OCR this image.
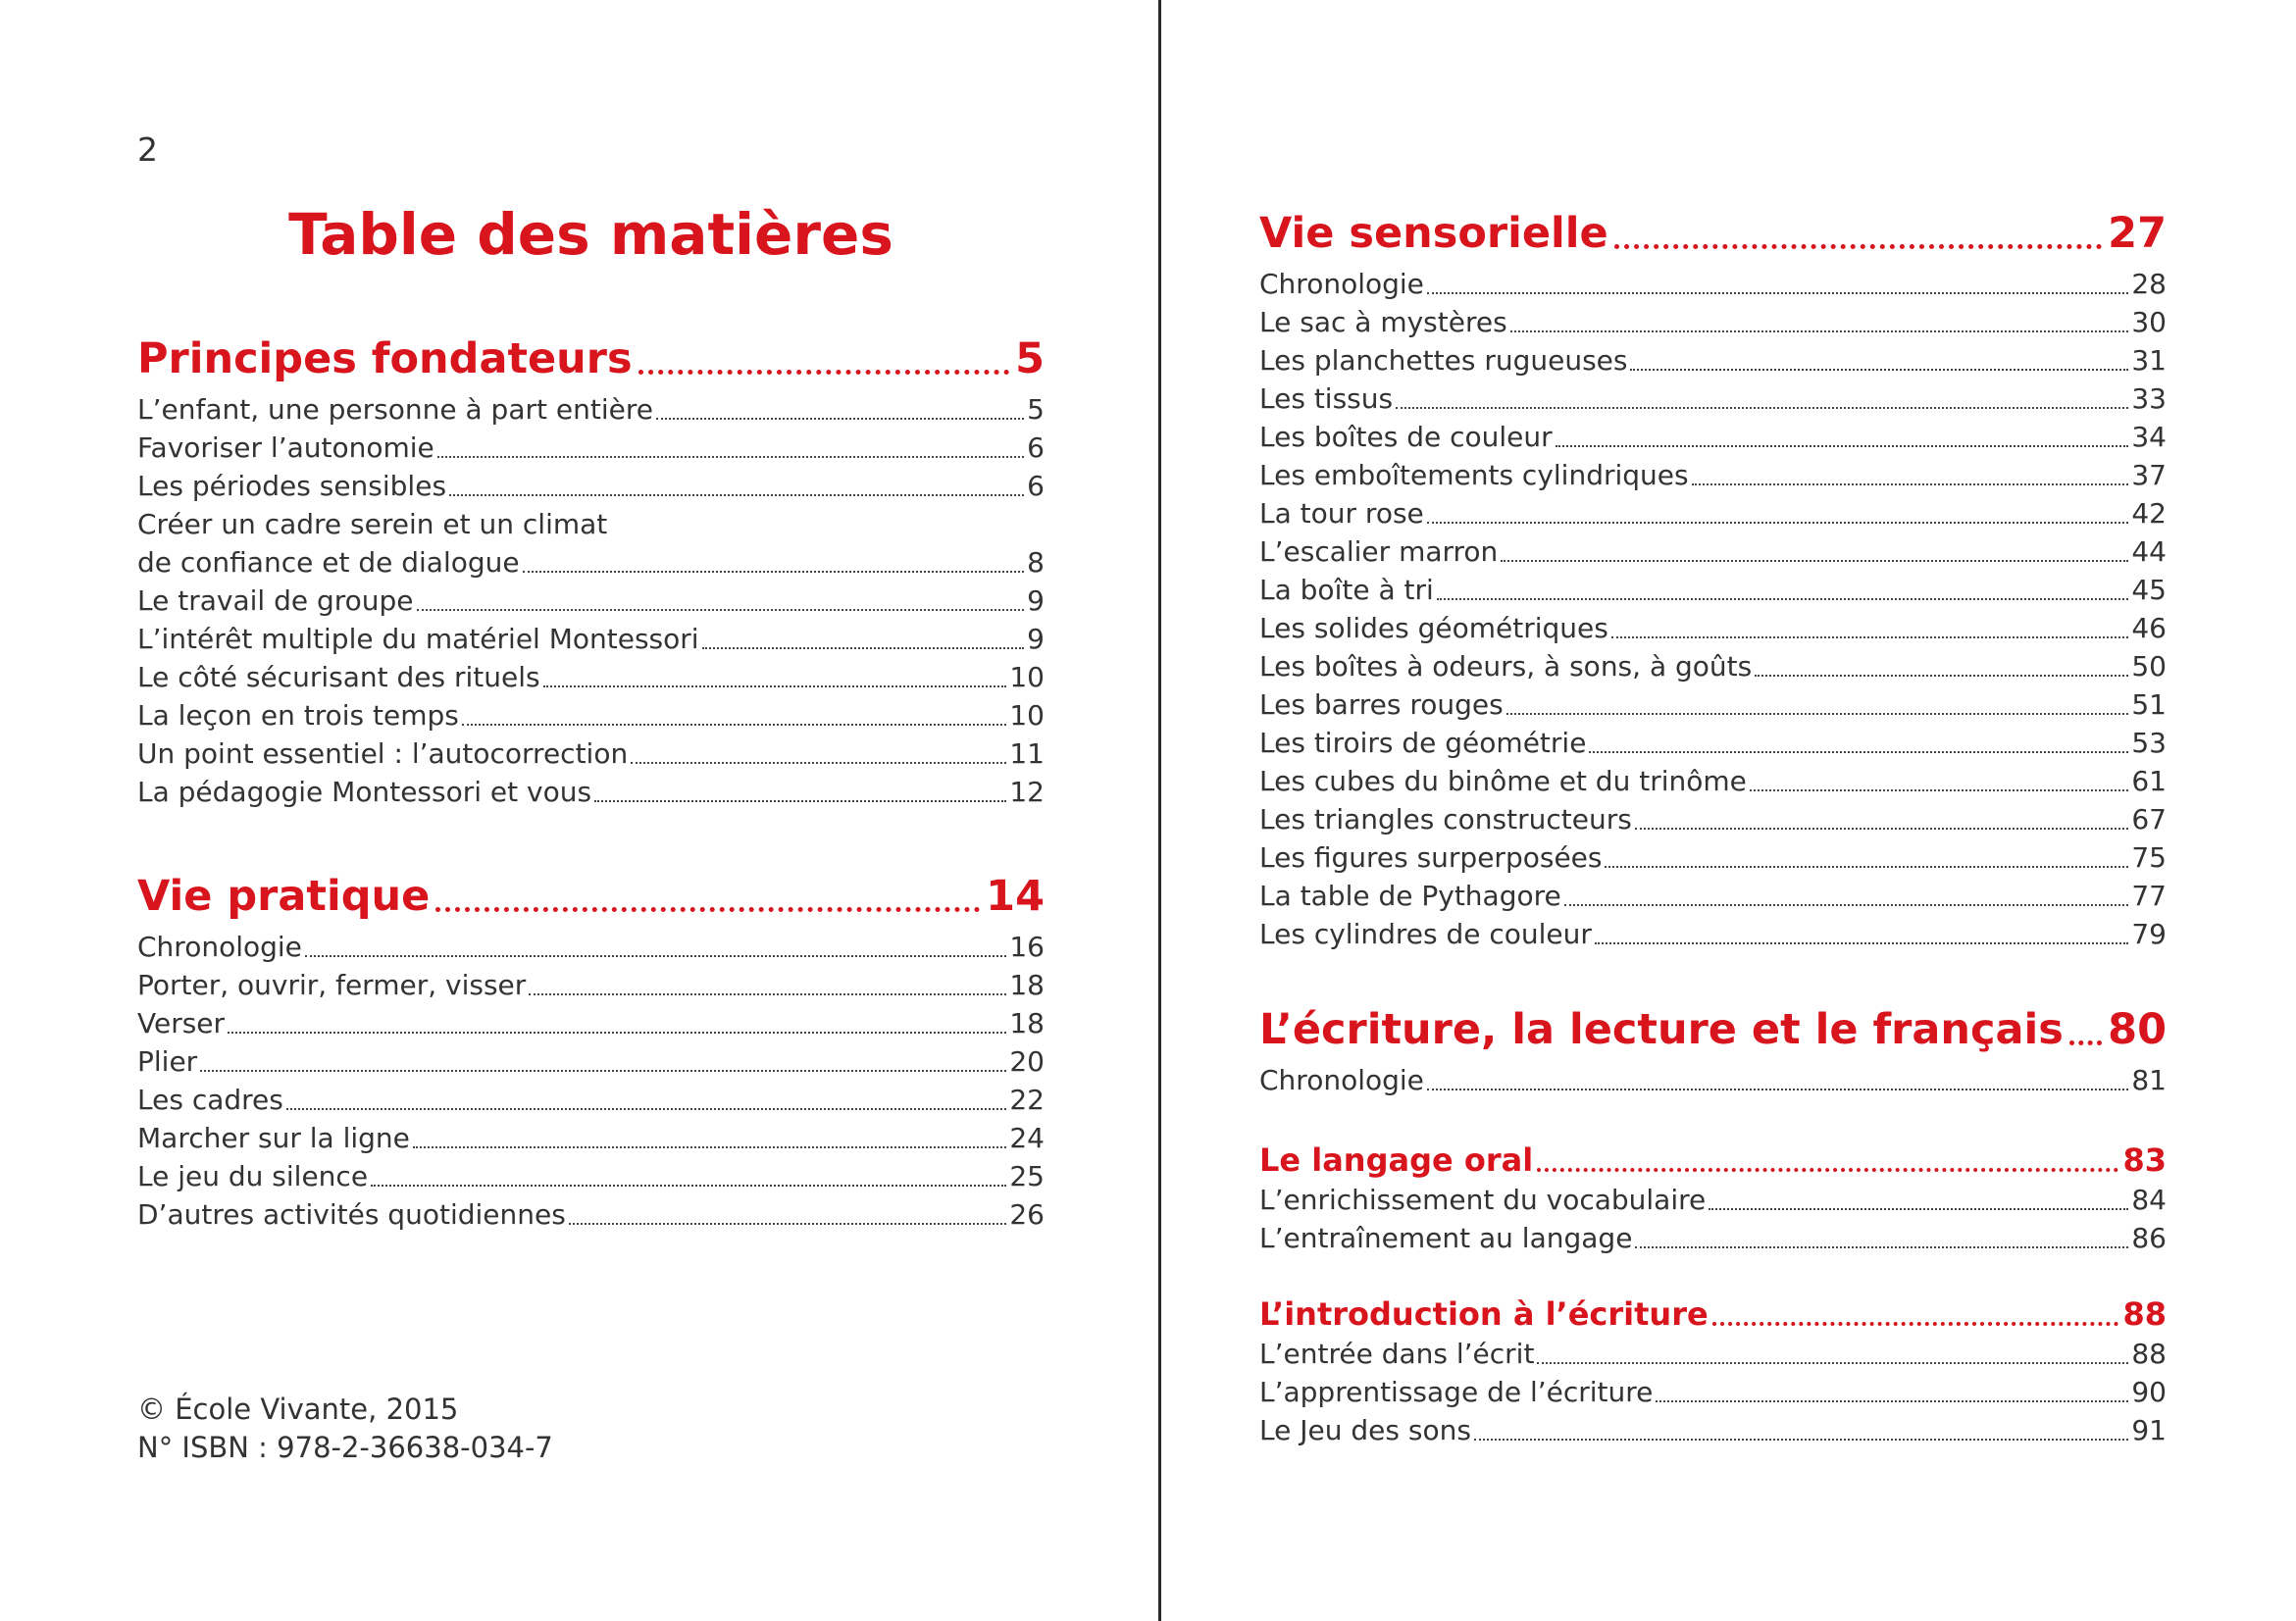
2
Table des matières
Principes fondateurs	5
L’enfant, une personne à part entière	5
Favoriser l’autonomie	6
Les périodes sensibles	6
Créer un cadre serein et un climat
de confiance et de dialogue	8
Le travail de groupe	9
L’intérêt multiple du matériel Montessori	9
Le côté sécurisant des rituels	10
La leçon en trois temps	10
Un point essentiel : l’autocorrection	11
La pédagogie Montessori et vous	12
Vie pratique	14
Chronologie	16
Porter, ouvrir, fermer, visser	18
Verser	18
Plier	20
Les cadres	22
Marcher sur la ligne	24
Le jeu du silence	25
D’autres activités quotidiennes	26
© École Vivante, 2015
N° ISBN : 978-2-36638-034-7
Vie sensorielle	27
Chronologie	28
Le sac à mystères	30
Les planchettes rugueuses	31
Les tissus	33
Les boîtes de couleur	34
Les emboîtements cylindriques	37
La tour rose	42
L’escalier marron	44
La boîte à tri	45
Les solides géométriques	46
Les boîtes à odeurs, à sons, à goûts	50
Les barres rouges	51
Les tiroirs de géométrie	53
Les cubes du binôme et du trinôme	61
Les triangles constructeurs	67
Les figures surperposées	75
La table de Pythagore	77
Les cylindres de couleur	79
L’écriture, la lecture et le français 80
Chronologie	81
Le langage oral	83
L’enrichissement du vocabulaire	84
L’entraînement au langage	86
L’introduction à l’écriture	88
L’entrée dans l’écrit	88
L’apprentissage de l’écriture	90
Le Jeu des sons	91
